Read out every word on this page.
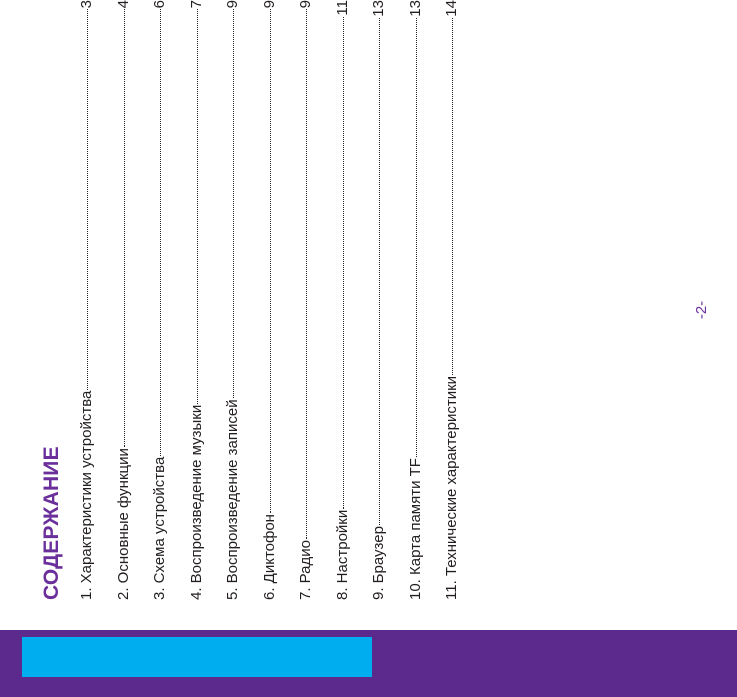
СОДЕРЖАНИЕ 1. Характеристики устройства
3
2. Основные функции
4
3. Схема устройства
6
4. Воспроизведение музыки
7
5. Воспроизведение записей
9
6. Диктофон
9
7. Радио
9
8. Настройки
11
9. Браузер
13
10. Карта памяти TF
13
11. Технические характеристики
14
-2-
